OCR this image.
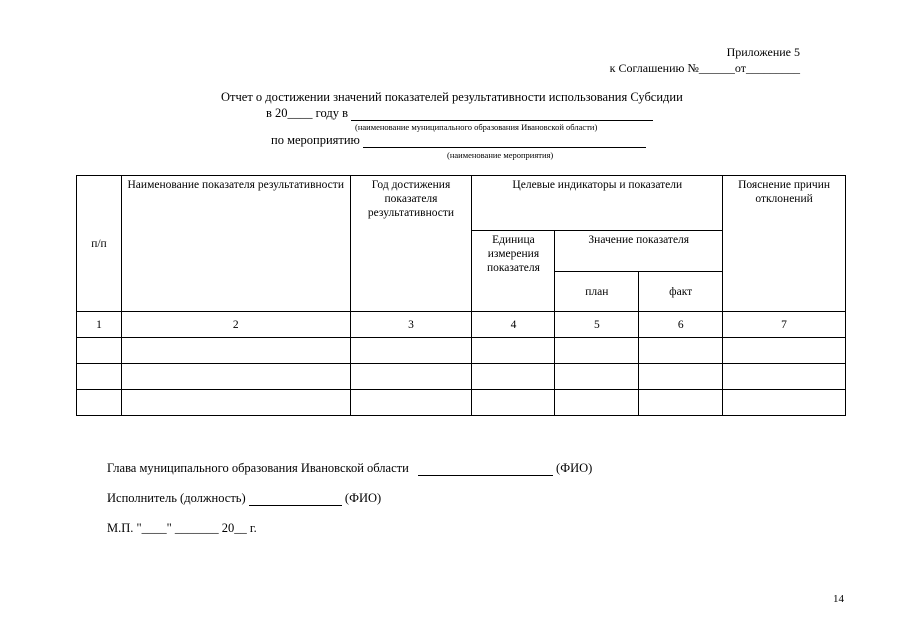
Приложение 5
к Соглашению №______от_________
Отчет о достижении значений показателей результативности использования Субсидии
в 20____ году в
(наименование муниципального образования Ивановской области)
по мероприятию
(наименование мероприятия)
п/п	Наименование показателя результативности	Год достижения показателя результативности	Целевые индикаторы и показатели			Пояснение причин отклонений
			Единица измерения показателя	Значение показателя		
				план	факт	
1	2	3	4	5	6	7

Глава муниципального образования Ивановской области	(ФИО)
Исполнитель (должность)	(ФИО)
М.П. "____" _______ 20__ г.
14
